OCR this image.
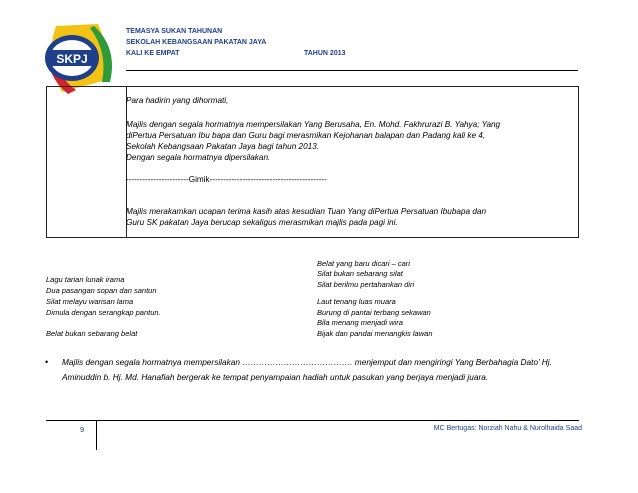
SKPJ
TEMASYA SUKAN TAHUNAN
SEKOLAH KEBANGSAAN PAKATAN JAYA
KALI KE EMPAT	TAHUN 2013
Para hadirin yang dihormati,
Majlis dengan segala hormatnya mempersilakan Yang Berusaha, En. Mohd. Fakhrurazi B. Yahya; Yang
diPertua Persatuan Ibu bapa dan Guru bagi merasmikan Kejohanan balapan dan Padang kali ke 4,
Sekolah Kebangsaan Pakatan Jaya bagi tahun 2013.
Dengan segala hormatnya dipersilakan.
-----------------------Gimik-------------------------------------------
Majlis merakamkan ucapan terima kasih atas kesudian Tuan Yang diPertua Persatuan Ibubapa dan
Guru SK pakatan Jaya berucap sekaligus merasmikan majlis pada pagi ini.
Lagu tarian lunak irama
Dua pasangan sopan dan santun
Silat melayu warisan lama
Dimula dengan serangkap pantun.
Belat bukan sebarang belat
Belat yang baru dicari – cari
Silat bukan sebarang silat
Silat berilmu pertahankan diri
Laut tenang luas muara
Burung di pantai terbang sekawan
Bila menang menjadi wira
Bijak dan pandai menangkis lawan
• Majlis dengan segala hormatnya mempersilakan …………………………………. menjemput dan mengiringi Yang Berbahagia Dato’ Hj. Aminuddin b. Hj. Md. Hanafiah bergerak ke tempat penyampaian hadiah untuk pasukan yang berjaya menjadi juara.
9	MC Bertugas: Norziah Nahu & Nurolhaida Saad
